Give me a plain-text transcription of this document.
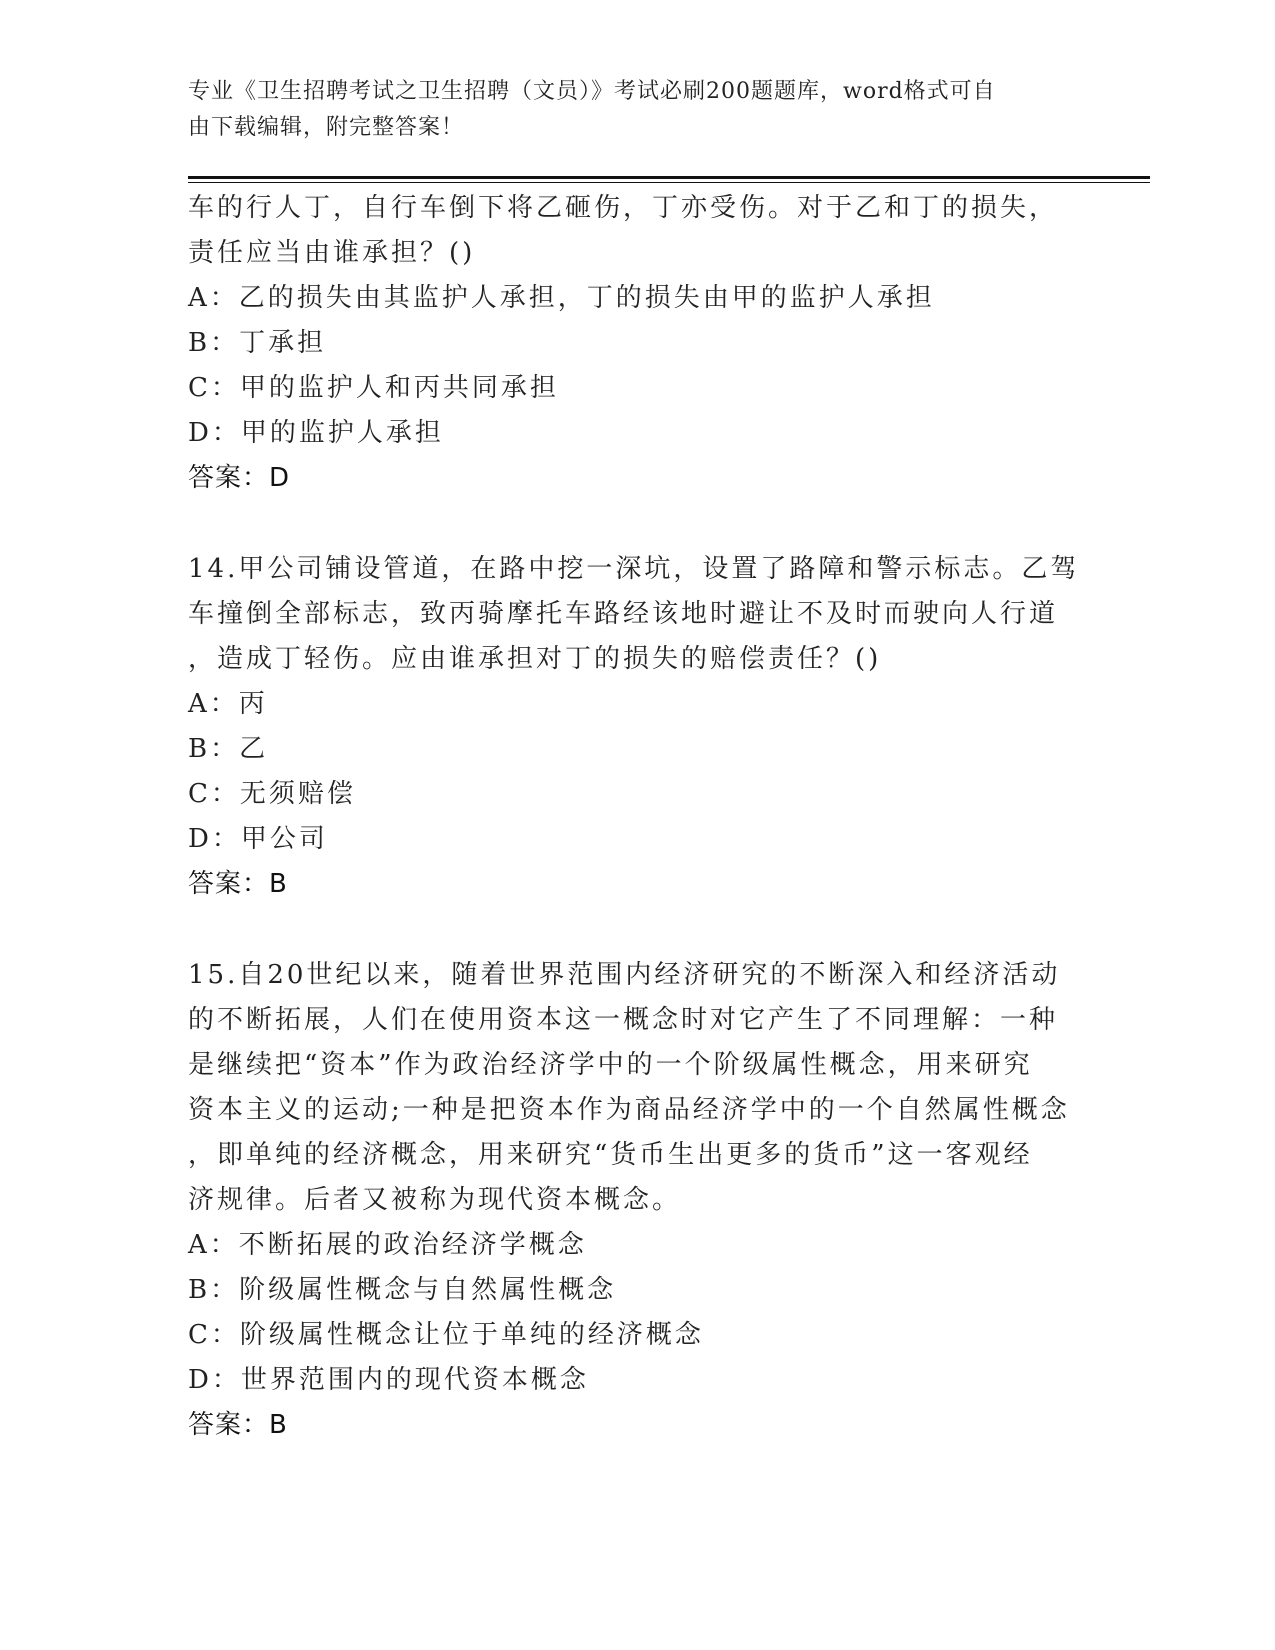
专业《卫生招聘考试之卫生招聘（文员）》考试必刷200题题库，word格式可自
由下载编辑，附完整答案！
车的行人丁，自行车倒下将乙砸伤，丁亦受伤。对于乙和丁的损失，
责任应当由谁承担？()
A：乙的损失由其监护人承担，丁的损失由甲的监护人承担
B：丁承担
C：甲的监护人和丙共同承担
D：甲的监护人承担
答案：D
14.甲公司铺设管道，在路中挖一深坑，设置了路障和警示标志。乙驾
车撞倒全部标志，致丙骑摩托车路经该地时避让不及时而驶向人行道
，造成丁轻伤。应由谁承担对丁的损失的赔偿责任？()
A：丙
B：乙
C：无须赔偿
D：甲公司
答案：B
15.自20世纪以来，随着世界范围内经济研究的不断深入和经济活动
的不断拓展，人们在使用资本这一概念时对它产生了不同理解：一种
是继续把“资本”作为政治经济学中的一个阶级属性概念，用来研究
资本主义的运动;一种是把资本作为商品经济学中的一个自然属性概念
，即单纯的经济概念，用来研究“货币生出更多的货币”这一客观经
济规律。后者又被称为现代资本概念。
A：不断拓展的政治经济学概念
B：阶级属性概念与自然属性概念
C：阶级属性概念让位于单纯的经济概念
D：世界范围内的现代资本概念
答案：B
